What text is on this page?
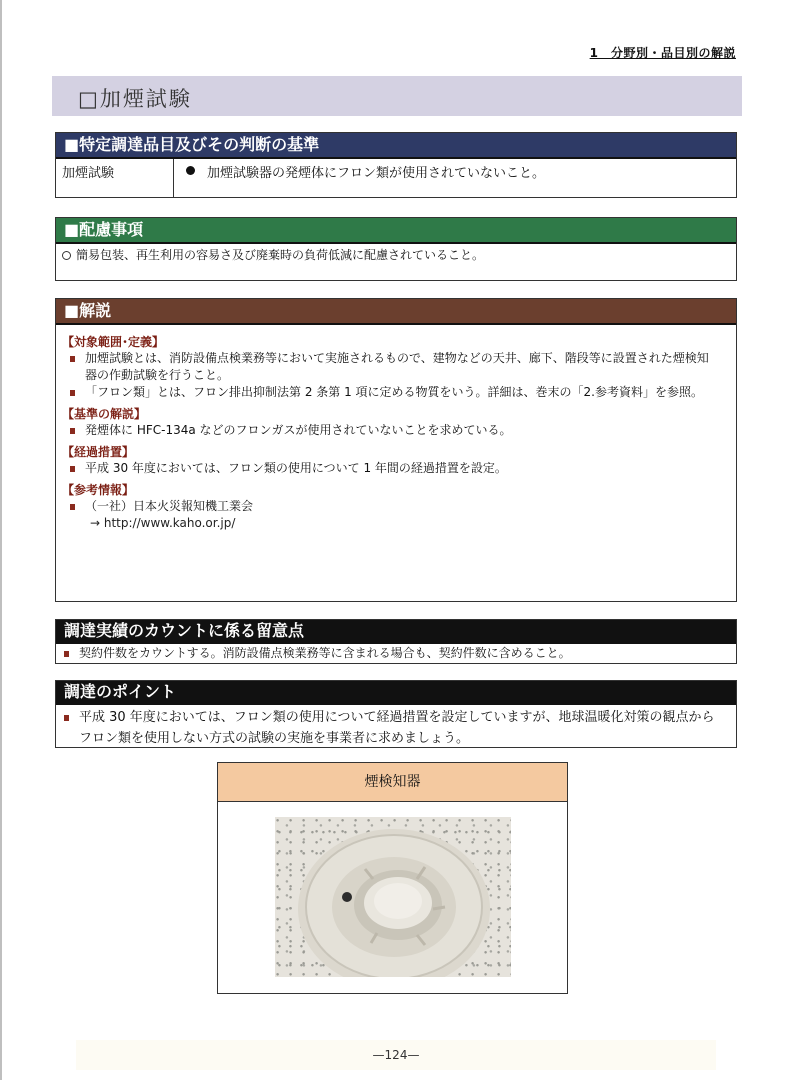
1　分野別・品目別の解説
□加煙試験
■特定調達品目及びその判断の基準
加煙試験	加煙試験器の発煙体にフロン類が使用されていないこと。
■配慮事項
簡易包装、再生利用の容易さ及び廃棄時の負荷低減に配慮されていること。
■解説
【対象範囲･定義】
加煙試験とは、消防設備点検業務等において実施されるもので、建物などの天井、廊下、階段等に設置された煙検知器の作動試験を行うこと。
「フロン類」とは、フロン排出抑制法第 2 条第 1 項に定める物質をいう。詳細は、巻末の「2.参考資料」を参照。
【基準の解説】
発煙体に HFC-134a などのフロンガスが使用されていないことを求めている。
【経過措置】
平成 30 年度においては、フロン類の使用について 1 年間の経過措置を設定。
【参考情報】
（一社）日本火災報知機工業会
→ http://www.kaho.or.jp/
調達実績のカウントに係る留意点
契約件数をカウントする。消防設備点検業務等に含まれる場合も、契約件数に含めること。
調達のポイント
平成 30 年度においては、フロン類の使用について経過措置を設定していますが、地球温暖化対策の観点からフロン類を使用しない方式の試験の実施を事業者に求めましょう。
煙検知器
—124—
